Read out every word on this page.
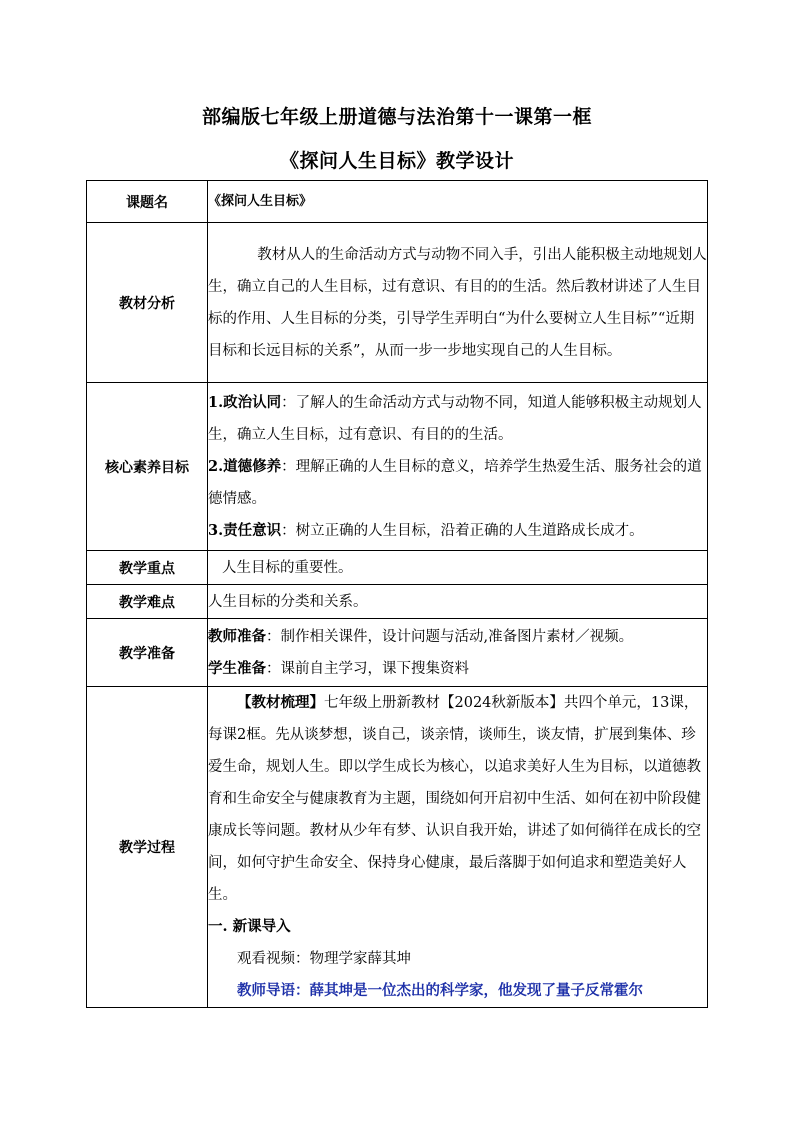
部编版七年级上册道德与法治第十一课第一框
《探问人生目标》教学设计
课题名	《探问人生目标》
教材分析	教材从人的生命活动方式与动物不同入手，引出人能积极主动地规划人生，确立自己的人生目标，过有意识、有目的的生活。然后教材讲述了人生目标的作用、人生目标的分类，引导学生弄明白“为什么要树立人生目标”“近期目标和长远目标的关系”，从而一步一步地实现自己的人生目标。

核心素养目标	1.政治认同：了解人的生命活动方式与动物不同，知道人能够积极主动规划人生，确立人生目标，过有意识、有目的的生活。
2.道德修养：理解正确的人生目标的意义，培养学生热爱生活、服务社会的道德情感。
3.责任意识：树立正确的人生目标，沿着正确的人生道路成长成才。

教学重点	人生目标的重要性。
教学难点	人生目标的分类和关系。
教学准备	教师准备：制作相关课件，设计问题与活动,准备图片素材／视频。
学生准备：课前自主学习，课下搜集资料

教学过程	【教材梳理】七年级上册新教材【2024秋新版本】共四个单元，13课， 每课2框。先从谈梦想，谈自己，谈亲情，谈师生，谈友情，扩展到集体、珍爱生命，规划人生。即以学生成长为核心，以追求美好人生为目标，以道德教育和生命安全与健康教育为主题，围绕如何开启初中生活、如何在初中阶段健康成长等问题。教材从少年有梦、认识自我开始，讲述了如何徜徉在成长的空间，如何守护生命安全、保持身心健康，最后落脚于如何追求和塑造美好人生。
一. 新课导入
观看视频：物理学家薛其坤
教师导语：薛其坤是一位杰出的科学家，他发现了量子反常霍尔
